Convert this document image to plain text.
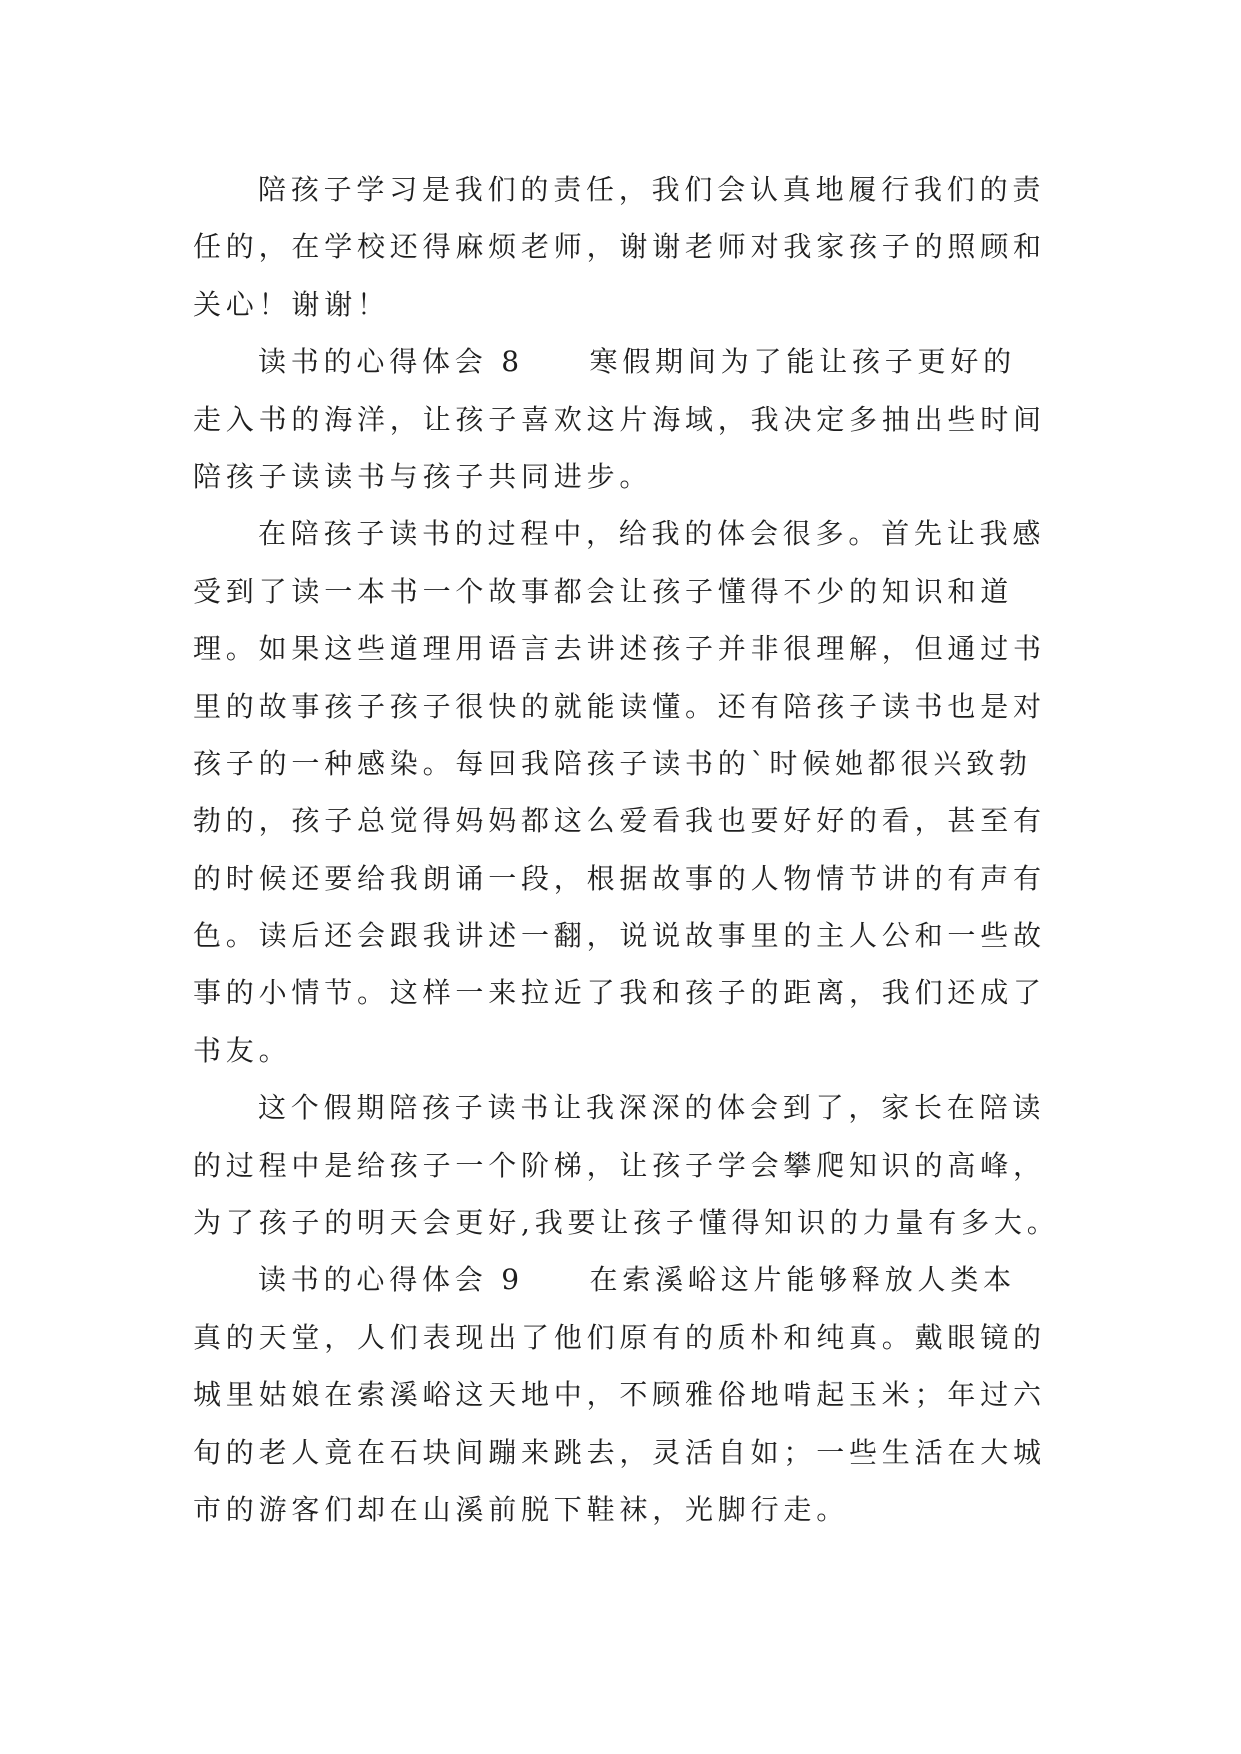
陪孩子学习是我们的责任，我们会认真地履行我们的责
任的，在学校还得麻烦老师，谢谢老师对我家孩子的照顾和
关心！谢谢！
读书的心得体会 8　　寒假期间为了能让孩子更好的
走入书的海洋，让孩子喜欢这片海域，我决定多抽出些时间
陪孩子读读书与孩子共同进步。
在陪孩子读书的过程中，给我的体会很多。首先让我感
受到了读一本书一个故事都会让孩子懂得不少的知识和道
理。如果这些道理用语言去讲述孩子并非很理解，但通过书
里的故事孩子孩子很快的就能读懂。还有陪孩子读书也是对
孩子的一种感染。每回我陪孩子读书的`时候她都很兴致勃
勃的，孩子总觉得妈妈都这么爱看我也要好好的看，甚至有
的时候还要给我朗诵一段，根据故事的人物情节讲的有声有
色。读后还会跟我讲述一翻，说说故事里的主人公和一些故
事的小情节。这样一来拉近了我和孩子的距离，我们还成了
书友。
这个假期陪孩子读书让我深深的体会到了，家长在陪读
的过程中是给孩子一个阶梯，让孩子学会攀爬知识的高峰，
为了孩子的明天会更好,我要让孩子懂得知识的力量有多大。
读书的心得体会 9　　在索溪峪这片能够释放人类本
真的天堂，人们表现出了他们原有的质朴和纯真。戴眼镜的
城里姑娘在索溪峪这天地中，不顾雅俗地啃起玉米；年过六
旬的老人竟在石块间蹦来跳去，灵活自如；一些生活在大城
市的游客们却在山溪前脱下鞋袜，光脚行走。
